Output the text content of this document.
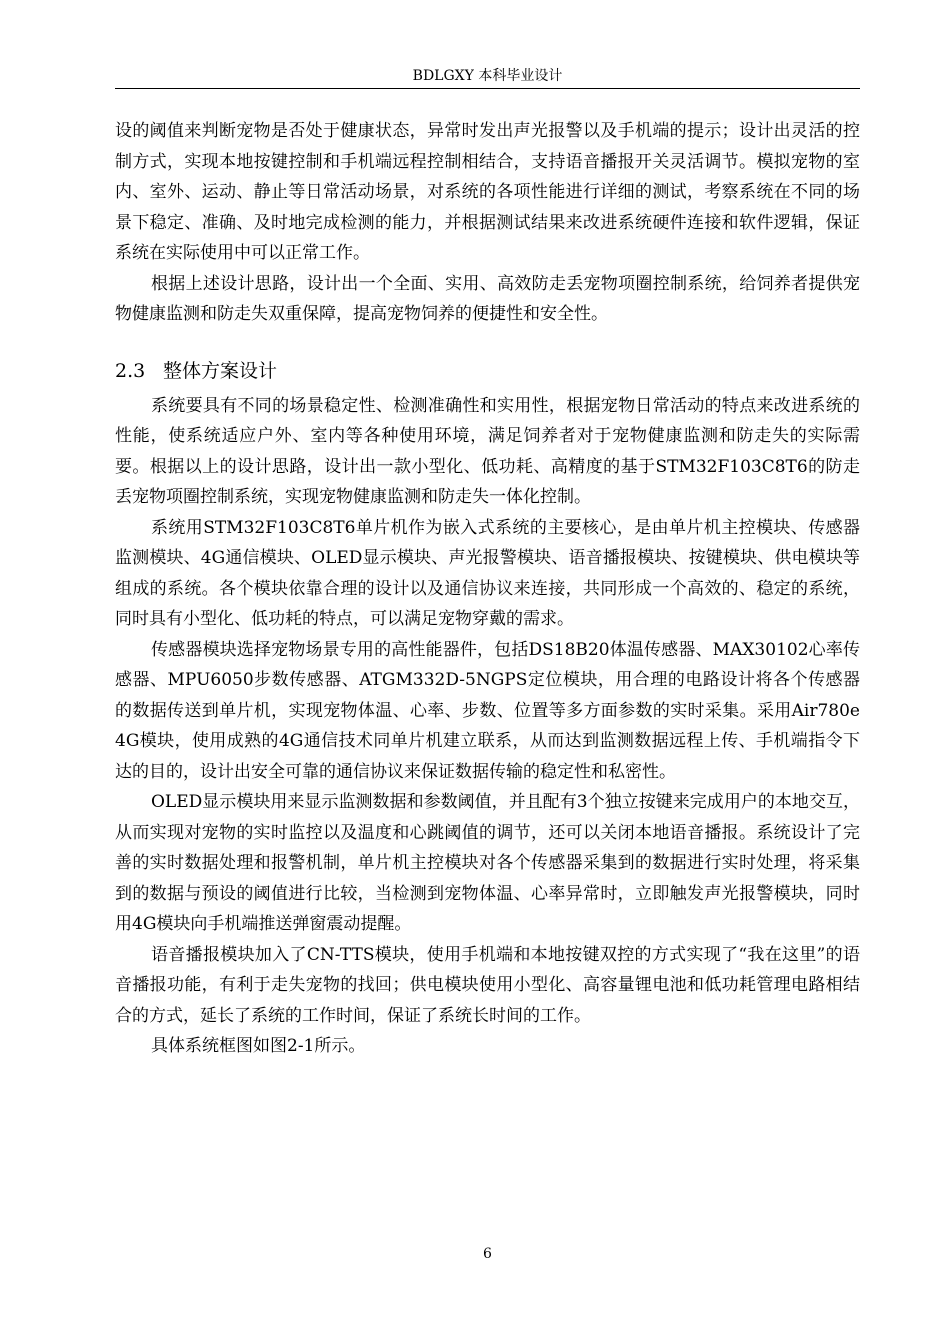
BDLGXY 本科毕业设计

设的阈值来判断宠物是否处于健康状态，异常时发出声光报警以及手机端的提示；设计出灵活的控制方式，实现本地按键控制和手机端远程控制相结合，支持语音播报开关灵活调节。模拟宠物的室内、室外、运动、静止等日常活动场景，对系统的各项性能进行详细的测试，考察系统在不同的场景下稳定、准确、及时地完成检测的能力，并根据测试结果来改进系统硬件连接和软件逻辑，保证系统在实际使用中可以正常工作。

根据上述设计思路，设计出一个全面、实用、高效防走丢宠物项圈控制系统，给饲养者提供宠物健康监测和防走失双重保障，提高宠物饲养的便捷性和安全性。

2.3 整体方案设计

系统要具有不同的场景稳定性、检测准确性和实用性，根据宠物日常活动的特点来改进系统的性能，使系统适应户外、室内等各种使用环境，满足饲养者对于宠物健康监测和防走失的实际需要。根据以上的设计思路，设计出一款小型化、低功耗、高精度的基于STM32F103C8T6的防走丢宠物项圈控制系统，实现宠物健康监测和防走失一体化控制。

系统用STM32F103C8T6单片机作为嵌入式系统的主要核心，是由单片机主控模块、传感器监测模块、4G通信模块、OLED显示模块、声光报警模块、语音播报模块、按键模块、供电模块等组成的系统。各个模块依靠合理的设计以及通信协议来连接，共同形成一个高效的、稳定的系统，同时具有小型化、低功耗的特点，可以满足宠物穿戴的需求。

传感器模块选择宠物场景专用的高性能器件，包括DS18B20体温传感器、MAX30102心率传感器、MPU6050步数传感器、ATGM332D-5NGPS定位模块，用合理的电路设计将各个传感器的数据传送到单片机，实现宠物体温、心率、步数、位置等多方面参数的实时采集。采用Air780e 4G模块，使用成熟的4G通信技术同单片机建立联系，从而达到监测数据远程上传、手机端指令下达的目的，设计出安全可靠的通信协议来保证数据传输的稳定性和私密性。

OLED显示模块用来显示监测数据和参数阈值，并且配有3个独立按键来完成用户的本地交互，从而实现对宠物的实时监控以及温度和心跳阈值的调节，还可以关闭本地语音播报。系统设计了完善的实时数据处理和报警机制，单片机主控模块对各个传感器采集到的数据进行实时处理，将采集到的数据与预设的阈值进行比较，当检测到宠物体温、心率异常时，立即触发声光报警模块，同时用4G模块向手机端推送弹窗震动提醒。

语音播报模块加入了CN-TTS模块，使用手机端和本地按键双控的方式实现了“我在这里”的语音播报功能，有利于走失宠物的找回；供电模块使用小型化、高容量锂电池和低功耗管理电路相结合的方式，延长了系统的工作时间，保证了系统长时间的工作。

具体系统框图如图2-1所示。

6
